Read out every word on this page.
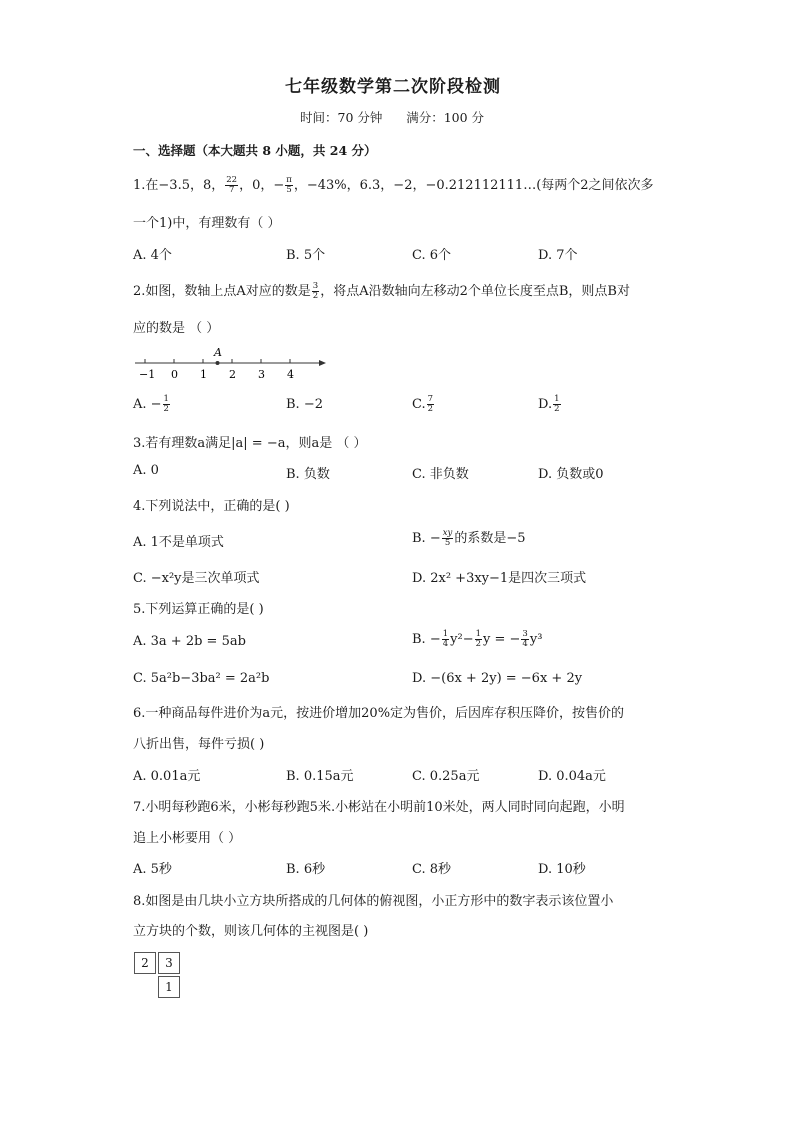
七年级数学第二次阶段检测
时间：70 分钟      满分：100 分
一、选择题（本大题共 8 小题，共 24 分）
1.在−3.5，8， $\frac{22}{7}$ ，0，− $\frac{\pi}{5}$ ，−43%，6.3，−2，−0.212112111…(每两个2之间依次多
一个1)中，有理数有（ ）
A. 4个	B. 5个	C. 6个	D. 7个
2.如图，数轴上点A对应的数是 $\frac{3}{2}$ ，将点A沿数轴向左移动2个单位长度至点B，则点B对
应的数是 （ ）
A
−1 0 1 2 3 4
A. − $\frac{1}{2}$	B. −2	C. $\frac{7}{2}$	D. $\frac{1}{2}$
3.若有理数a满足|a| = −a，则a是 （ ）
A. 0	B. 负数	C. 非负数	D. 负数或0
4.下列说法中，正确的是( )
A. 1不是单项式	B. − $\frac{xy}{5}$ 的系数是−5
C. −x²y是三次单项式	D. 2x² +3xy−1是四次三项式
5.下列运算正确的是( )
A. 3a + 2b = 5ab	B. − $\frac{1}{4} y^2- \frac{1}{2}$ y = − $\frac{3}{4} y^3$
C. 5a²b−3ba² = 2a²b	D. −(6x + 2y) = −6x + 2y
6.一种商品每件进价为a元，按进价增加20%定为售价，后因库存积压降价，按售价的
八折出售，每件亏损( )
A. 0.01a元	B. 0.15a元	C. 0.25a元	D. 0.04a元
7.小明每秒跑6米，小彬每秒跑5米.小彬站在小明前10米处，两人同时同向起跑，小明
追上小彬要用（ ）
A. 5秒	B. 6秒	C. 8秒	D. 10秒
8.如图是由几块小立方块所搭成的几何体的俯视图，小正方形中的数字表示该位置小
立方块的个数，则该几何体的主视图是( )
2	3
1
